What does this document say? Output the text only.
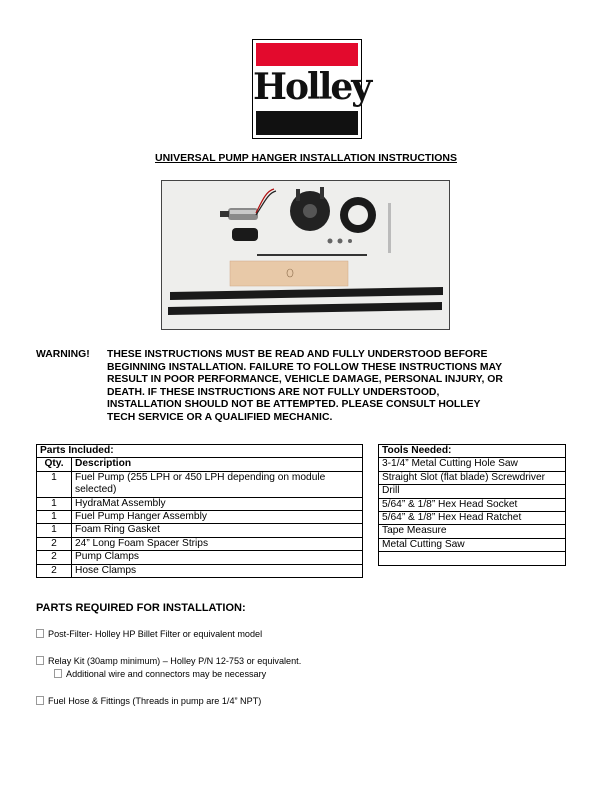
Holley
UNIVERSAL PUMP HANGER INSTALLATION INSTRUCTIONS
WARNING! THESE INSTRUCTIONS MUST BE READ AND FULLY UNDERSTOOD BEFORE
BEGINNING INSTALLATION. FAILURE TO FOLLOW THESE INSTRUCTIONS MAY
RESULT IN POOR PERFORMANCE, VEHICLE DAMAGE, PERSONAL INJURY, OR
DEATH. IF THESE INSTRUCTIONS ARE NOT FULLY UNDERSTOOD,
INSTALLATION SHOULD NOT BE ATTEMPTED. PLEASE CONSULT HOLLEY
TECH SERVICE OR A QUALIFIED MECHANIC.
Parts Included:	
Qty.	Description
1	Fuel Pump (255 LPH or 450 LPH depending on module selected)
1	HydraMat Assembly
1	Fuel Pump Hanger Assembly
1	Foam Ring Gasket
2	24” Long Foam Spacer Strips
2	Pump Clamps
2	Hose Clamps
Tools Needed:
3-1/4” Metal Cutting Hole Saw
Straight Slot (flat blade) Screwdriver
Drill
5/64” & 1/8” Hex Head Socket
5/64” & 1/8” Hex Head Ratchet
Tape Measure
Metal Cutting Saw

PARTS REQUIRED FOR INSTALLATION:
Post-Filter- Holley HP Billet Filter or equivalent model
Relay Kit (30amp minimum) – Holley P/N 12-753 or equivalent.
Additional wire and connectors may be necessary
Fuel Hose & Fittings (Threads in pump are 1/4” NPT)
